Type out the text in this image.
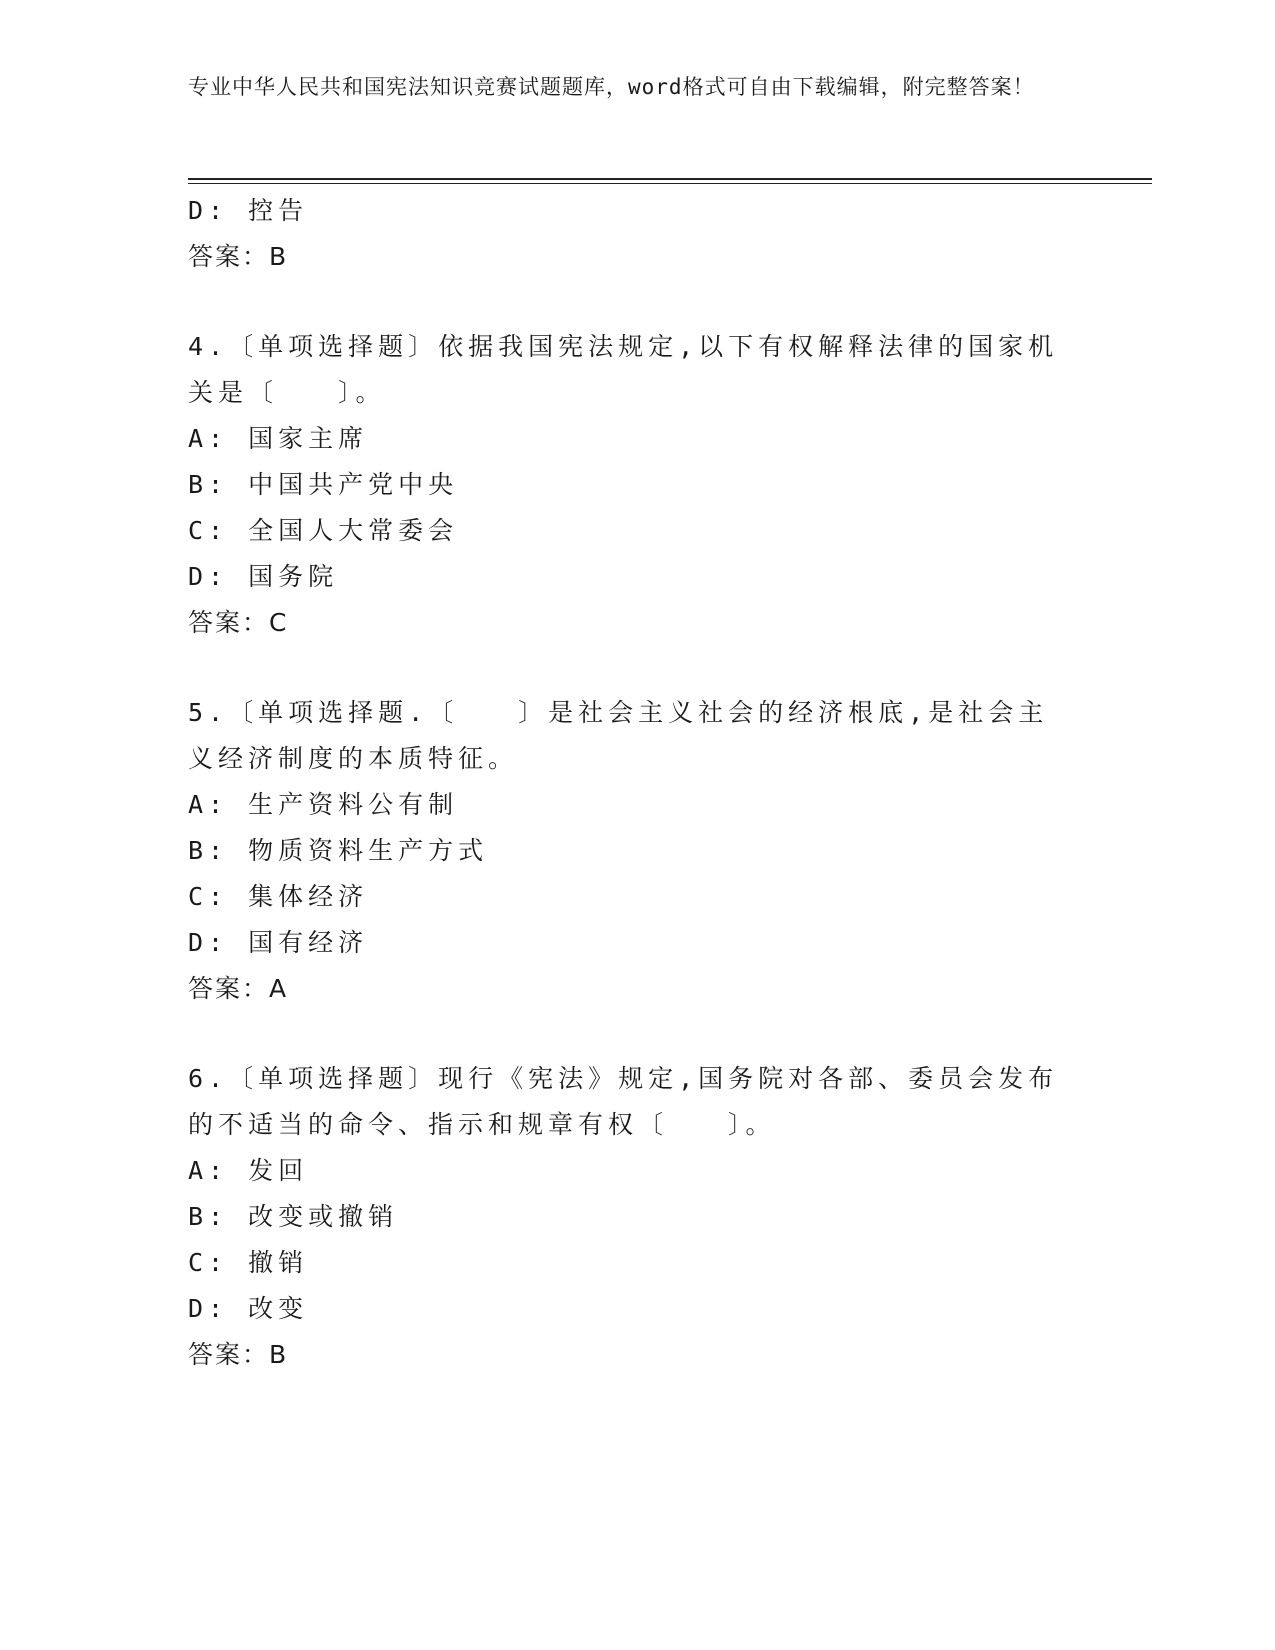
专业中华人民共和国宪法知识竞赛试题题库，word格式可自由下载编辑，附完整答案！
D: 控告
答案：B
4.〔单项选择题〕依据我国宪法规定,以下有权解释法律的国家机关是〔　　〕。
A: 国家主席
B: 中国共产党中央
C: 全国人大常委会
D: 国务院
答案：C
5.〔单项选择题.〔　　〕是社会主义社会的经济根底,是社会主义经济制度的本质特征。
A: 生产资料公有制
B: 物质资料生产方式
C: 集体经济
D: 国有经济
答案：A
6.〔单项选择题〕现行《宪法》规定,国务院对各部、委员会发布的不适当的命令、指示和规章有权〔　　〕。
A: 发回
B: 改变或撤销
C: 撤销
D: 改变
答案：B
